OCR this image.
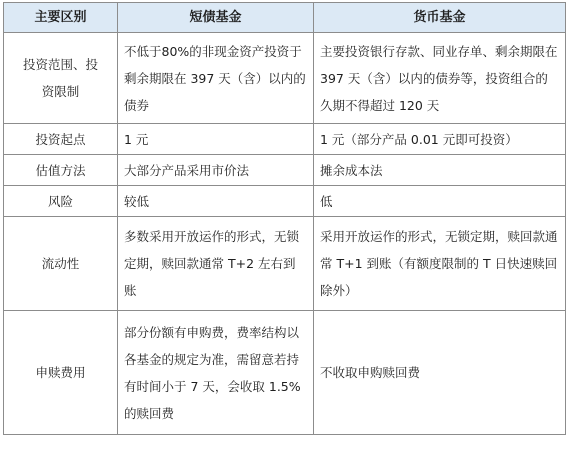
主要区别	短债基金	货币基金
投资范围、投资限制	不低于80%的非现金资产投资于剩余期限在 397 天（含）以内的债券	主要投资银行存款、同业存单、剩余期限在 397 天（含）以内的债券等，投资组合的久期不得超过 120 天
投资起点	1 元	1 元（部分产品 0.01 元即可投资）
估值方法	大部分产品采用市价法	摊余成本法
风险	较低	低
流动性	多数采用开放运作的形式，无锁定期，赎回款通常 T+2 左右到账	采用开放运作的形式，无锁定期，赎回款通常 T+1 到账（有额度限制的 T 日快速赎回除外）
申赎费用	部分份额有申购费，费率结构以各基金的规定为准，需留意若持有时间小于 7 天，会收取 1.5%的赎回费	不收取申购赎回费
